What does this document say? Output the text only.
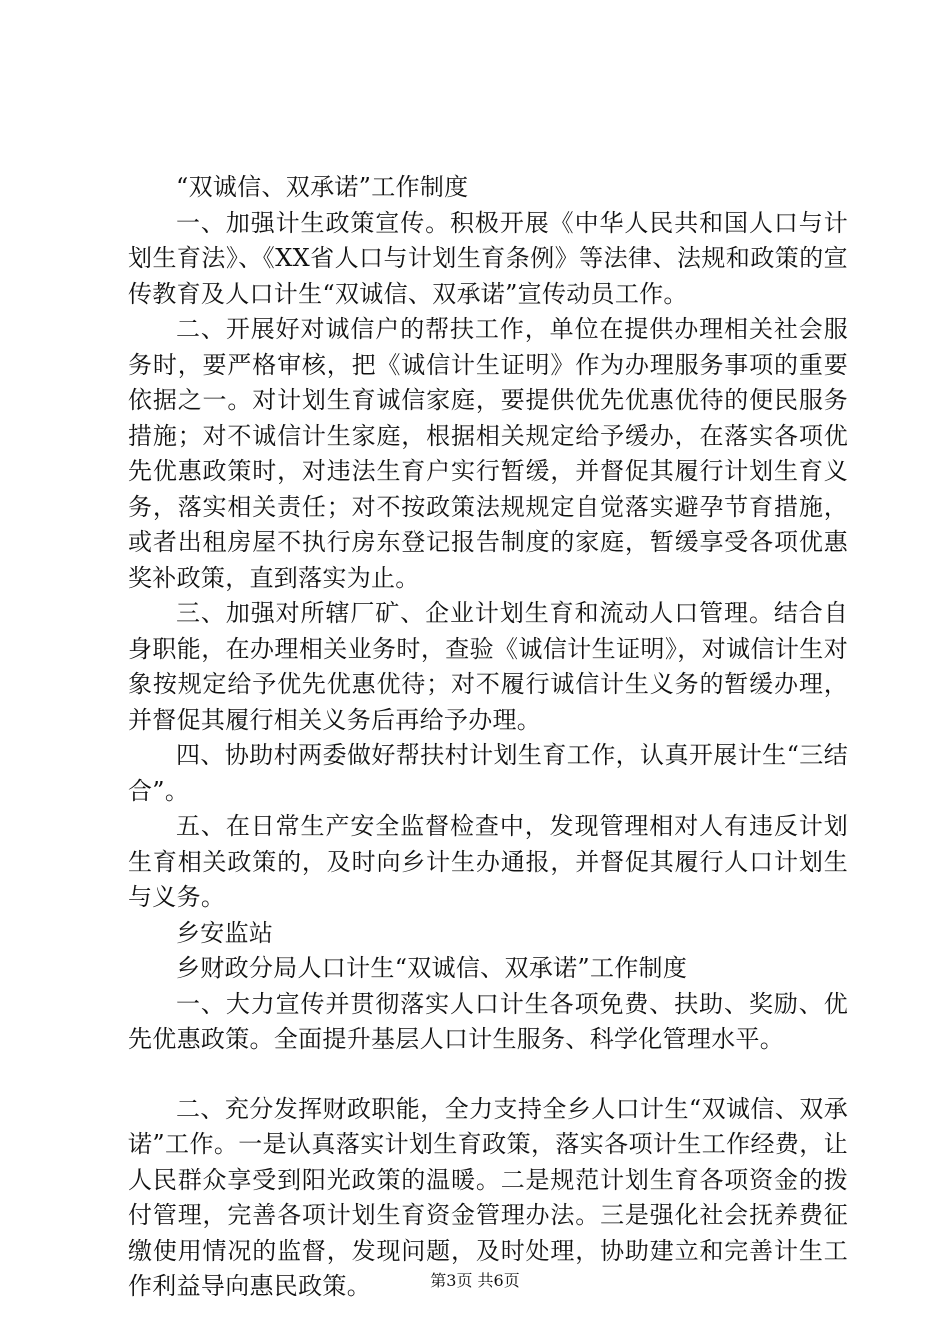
“双诚信、双承诺”工作制度

一、加强计生政策宣传。积极开展《中华人民共和国人口与计划生育法》、《XX省人口与计划生育条例》等法律、法规和政策的宣传教育及人口计生“双诚信、双承诺”宣传动员工作。

二、开展好对诚信户的帮扶工作，单位在提供办理相关社会服务时，要严格审核，把《诚信计生证明》作为办理服务事项的重要依据之一。对计划生育诚信家庭，要提供优先优惠优待的便民服务措施；对不诚信计生家庭，根据相关规定给予缓办，在落实各项优先优惠政策时，对违法生育户实行暂缓，并督促其履行计划生育义务，落实相关责任；对不按政策法规规定自觉落实避孕节育措施，或者出租房屋不执行房东登记报告制度的家庭，暂缓享受各项优惠奖补政策，直到落实为止。

三、加强对所辖厂矿、企业计划生育和流动人口管理。结合自身职能，在办理相关业务时，查验《诚信计生证明》，对诚信计生对象按规定给予优先优惠优待；对不履行诚信计生义务的暂缓办理，并督促其履行相关义务后再给予办理。

四、协助村两委做好帮扶村计划生育工作，认真开展计生“三结合”。

五、在日常生产安全监督检查中，发现管理相对人有违反计划生育相关政策的，及时向乡计生办通报，并督促其履行人口计划生与义务。

乡安监站

乡财政分局人口计生“双诚信、双承诺”工作制度

一、大力宣传并贯彻落实人口计生各项免费、扶助、奖励、优先优惠政策。全面提升基层人口计生服务、科学化管理水平。

二、充分发挥财政职能，全力支持全乡人口计生“双诚信、双承诺”工作。一是认真落实计划生育政策，落实各项计生工作经费，让人民群众享受到阳光政策的温暖。二是规范计划生育各项资金的拨付管理，完善各项计划生育资金管理办法。三是强化社会抚养费征缴使用情况的监督，发现问题，及时处理，协助建立和完善计生工作利益导向惠民政策。	第3页 共6页
